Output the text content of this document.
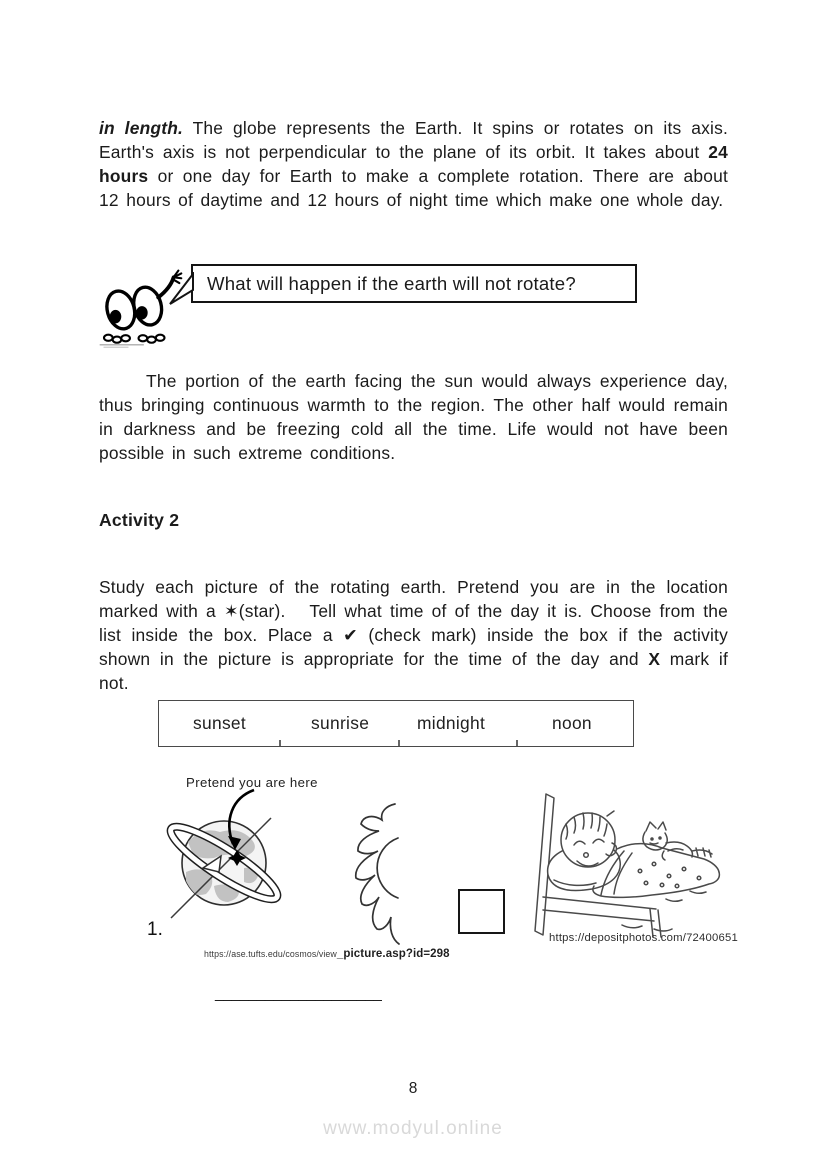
in length. The globe represents the Earth. It spins or rotates on its axis. Earth's axis is not perpendicular to the plane of its orbit. It takes about 24 hours or one day for Earth to make a complete rotation. There are about 12 hours of daytime and 12 hours of night time which make one whole day.

What will happen if the earth will not rotate?

The portion of the earth facing the sun would always experience day, thus bringing continuous warmth to the region. The other half would remain in darkness and be freezing cold all the time. Life would not have been possible in such extreme conditions.

Activity 2

Study each picture of the rotating earth. Pretend you are in the location marked with a ✶(star).   Tell what time of of the day it is. Choose from the list inside the box. Place a ✔ (check mark) inside the box if the activity shown in the picture is appropriate for the time of the day and X mark if not.

sunset	sunrise	midnight	noon
Pretend you are here
1.
https://ase.tufts.edu/cosmos/view _picture.asp?id=298
https://depositphotos.com/72400651
____________________
8
www.modyul.online
